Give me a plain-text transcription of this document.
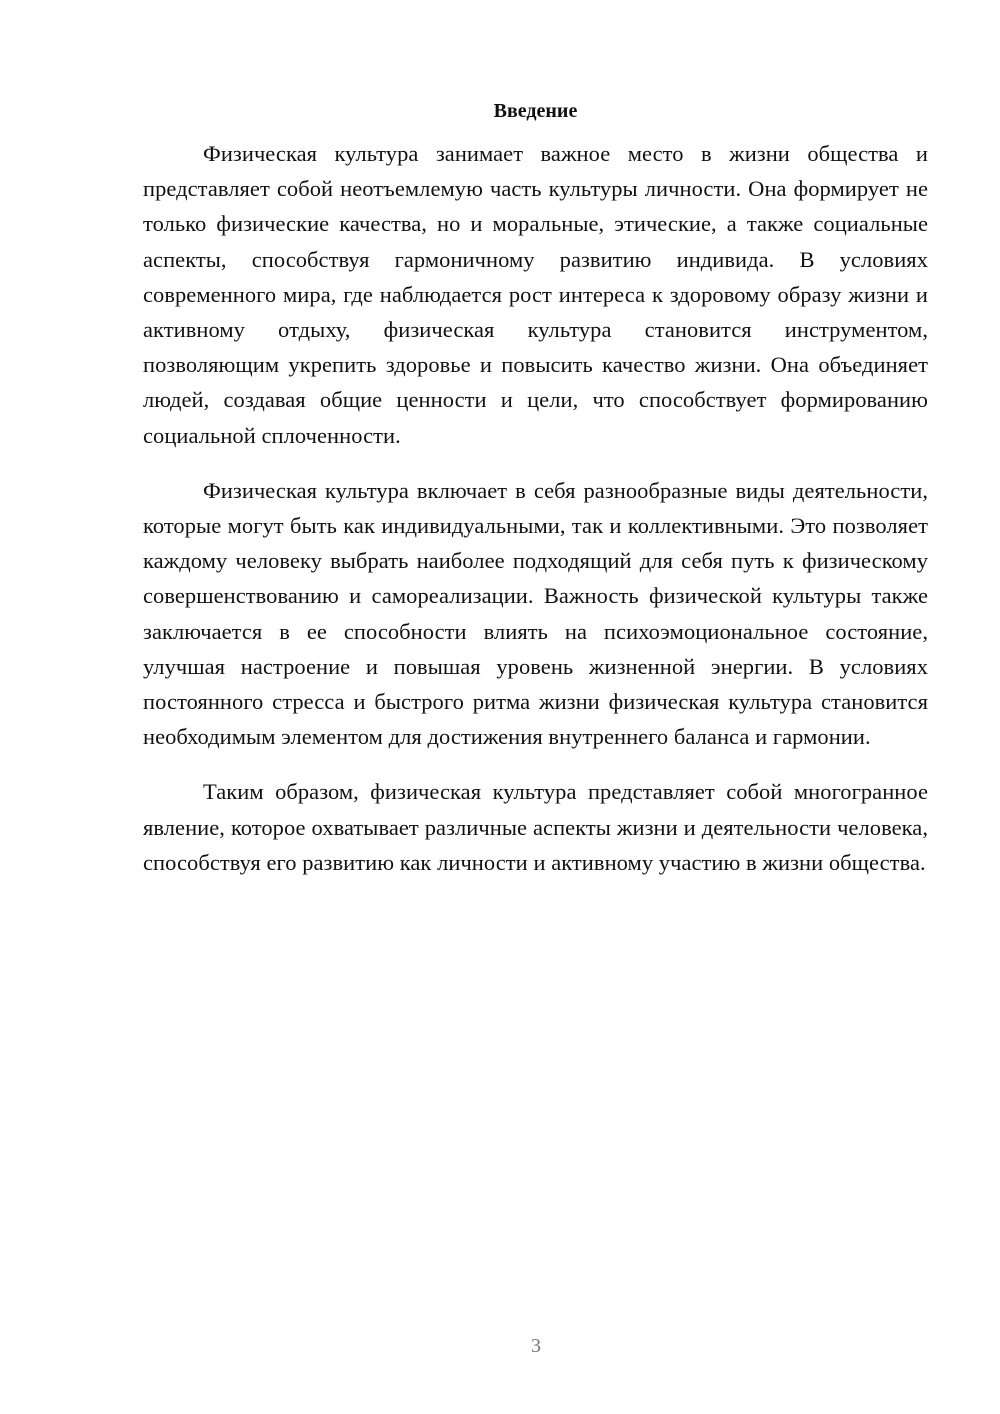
Введение

Физическая культура занимает важное место в жизни общества и представляет собой неотъемлемую часть культуры личности. Она формирует не только физические качества, но и моральные, этические, а также социальные аспекты, способствуя гармоничному развитию индивида. В условиях современного мира, где наблюдается рост интереса к здоровому образу жизни и активному отдыху, физическая культура становится инструментом, позволяющим укрепить здоровье и повысить качество жизни. Она объединяет людей, создавая общие ценности и цели, что способствует формированию социальной сплоченности.

Физическая культура включает в себя разнообразные виды деятельности, которые могут быть как индивидуальными, так и коллективными. Это позволяет каждому человеку выбрать наиболее подходящий для себя путь к физическому совершенствованию и самореализации. Важность физической культуры также заключается в ее способности влиять на психоэмоциональное состояние, улучшая настроение и повышая уровень жизненной энергии. В условиях постоянного стресса и быстрого ритма жизни физическая культура становится необходимым элементом для достижения внутреннего баланса и гармонии.

Таким образом, физическая культура представляет собой многогранное явление, которое охватывает различные аспекты жизни и деятельности человека, способствуя его развитию как личности и активному участию в жизни общества.

3
